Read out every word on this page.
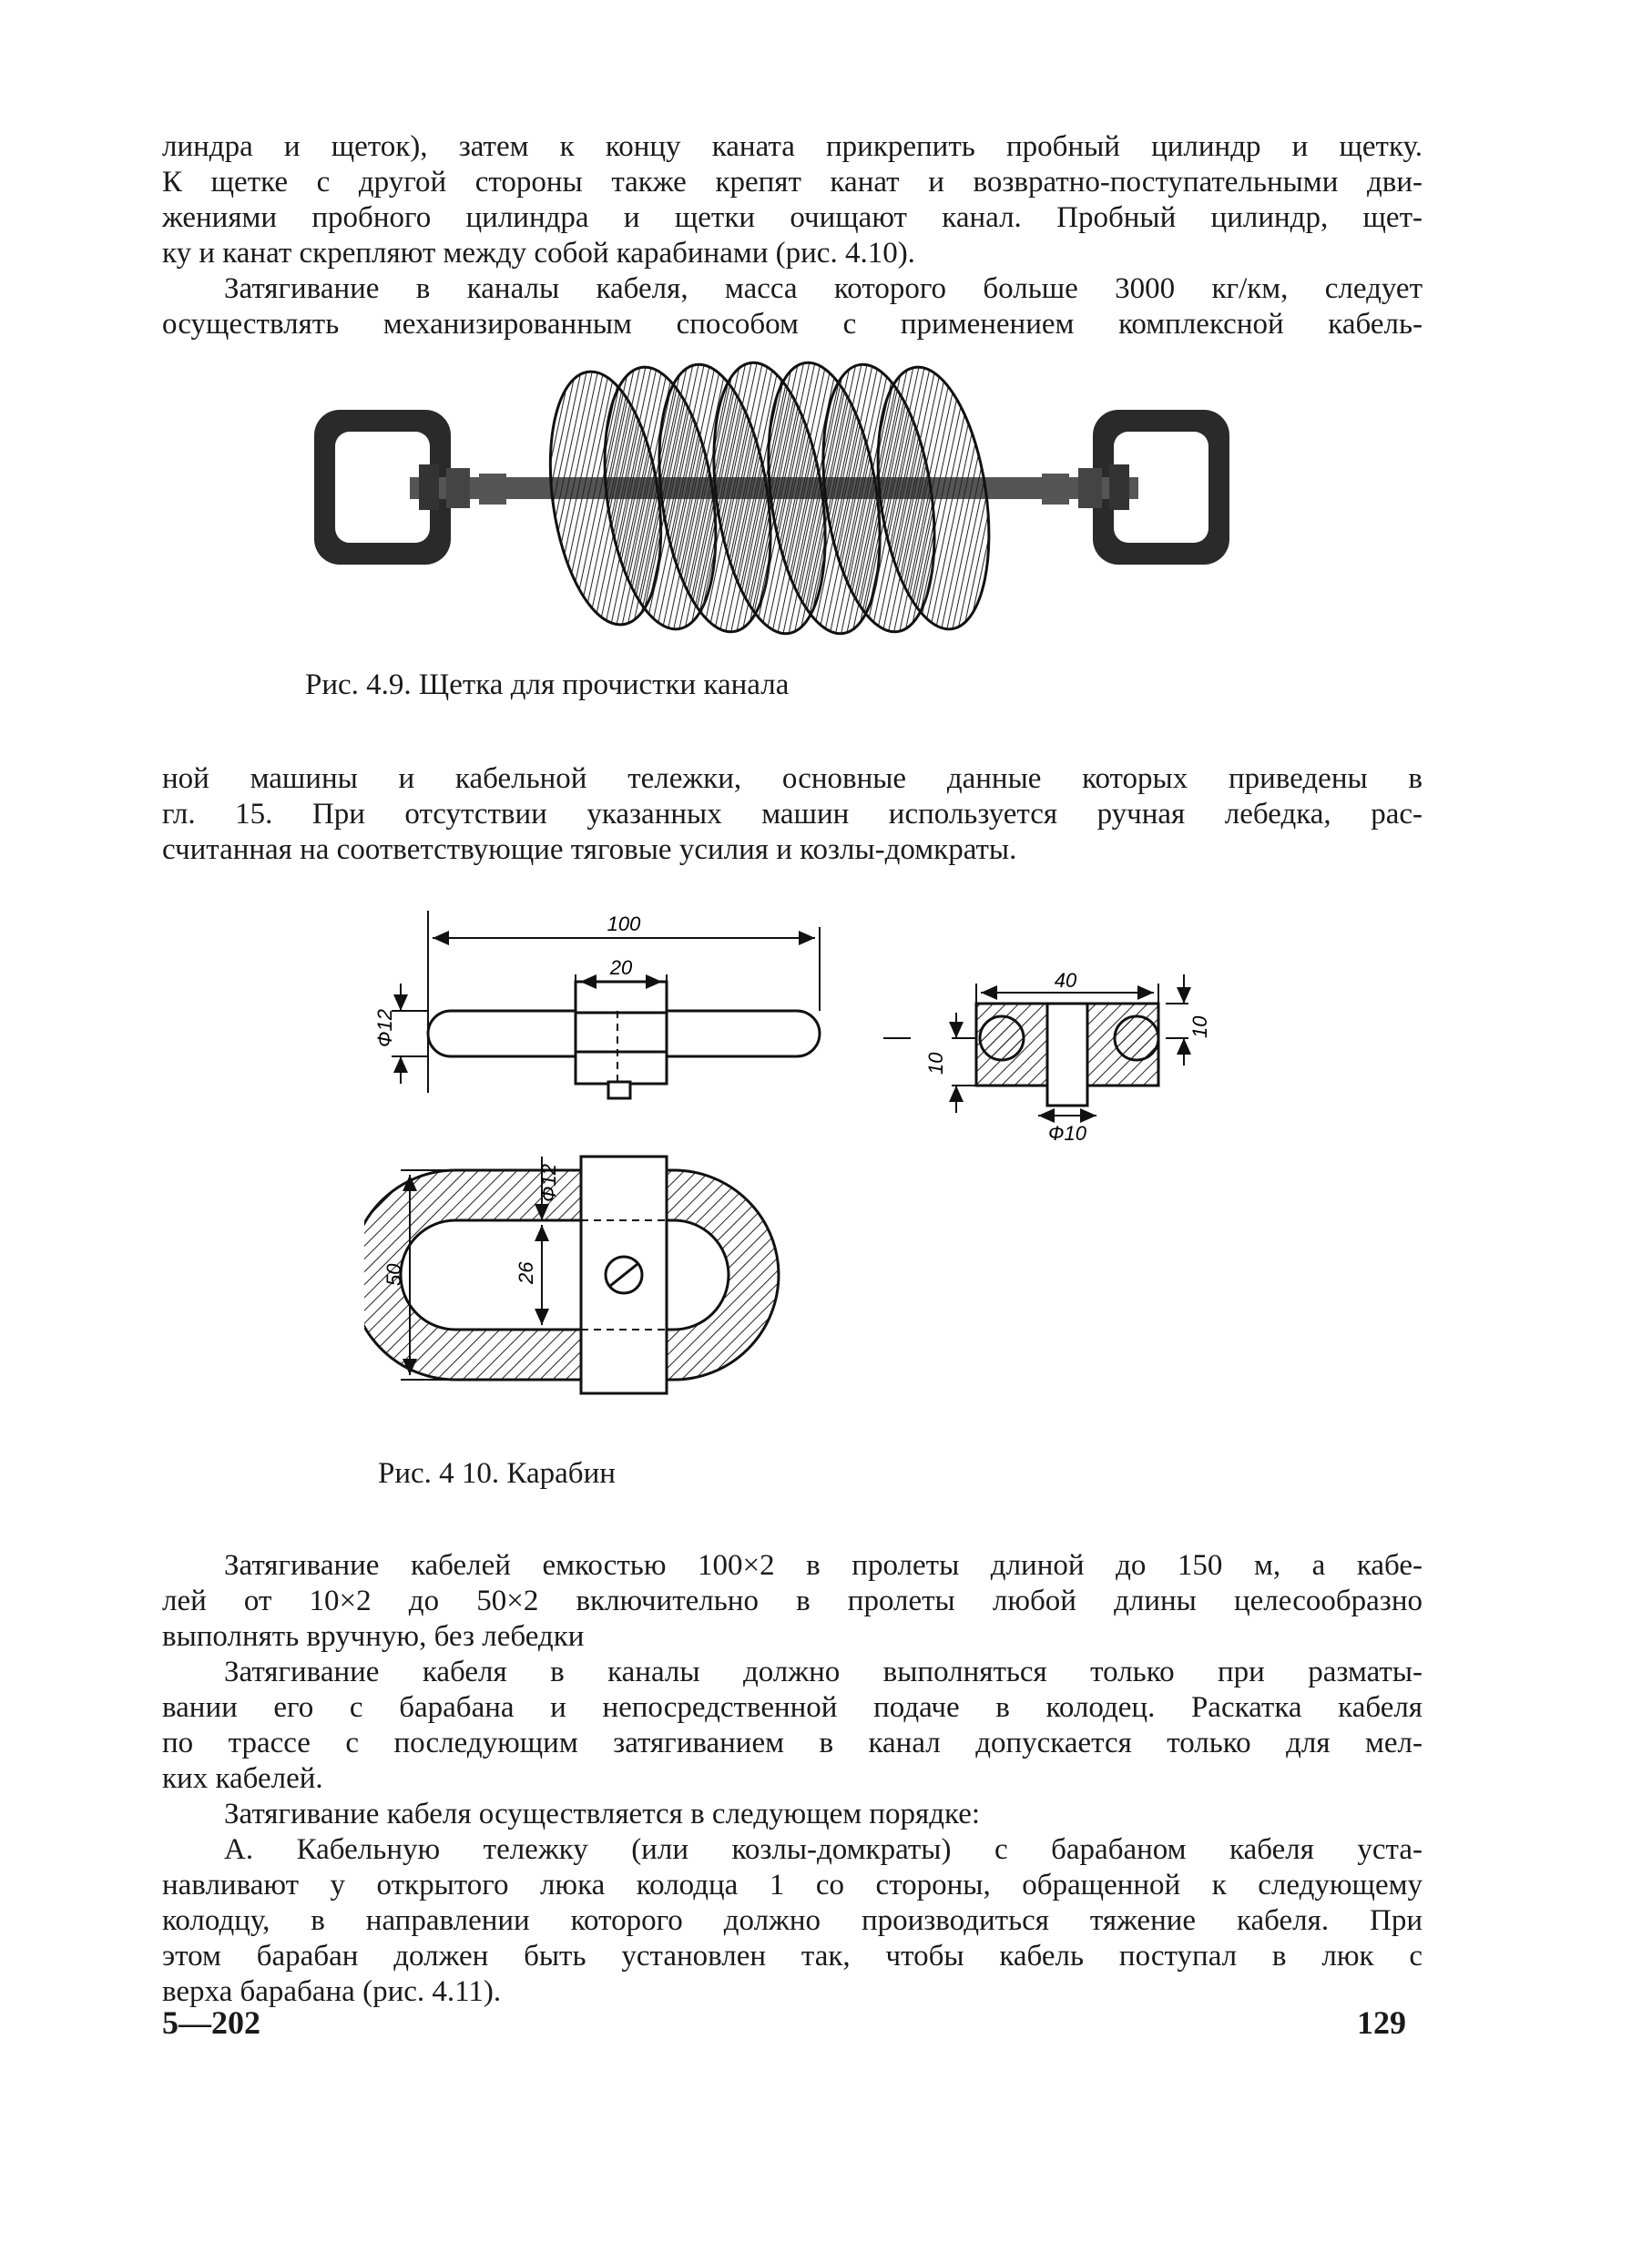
линдра и щеток), затем к концу каната прикрепить пробный цилиндр и щетку.
К щетке с другой стороны также крепят канат и возвратно-поступательными дви-
жениями пробного цилиндра и щетки очищают канал. Пробный цилиндр, щет-
ку и канат скрепляют между собой карабинами (рис. 4.10).
Затягивание в каналы кабеля, масса которого больше 3000 кг/км, следует
осуществлять механизированным способом с применением комплексной кабель-

Рис. 4.9. Щетка для прочистки канала

ной машины и кабельной тележки, основные данные которых приведены в
гл. 15. При отсутствии указанных машин используется ручная лебедка, рас-
считанная на соответствующие тяговые усилия и козлы-домкраты.
100
20
Ф12
40
10
10
Ф10
Ф12
26
50

Рис. 4 10. Карабин

Затягивание кабелей емкостью 100×2 в пролеты длиной до 150 м, а кабе-
лей от 10×2 до 50×2 включительно в пролеты любой длины целесообразно
выполнять вручную, без лебедки
Затягивание кабеля в каналы должно выполняться только при разматы-
вании его с барабана и непосредственной подаче в колодец. Раскатка кабеля
по трассе с последующим затягиванием в канал допускается только для мел-
ких кабелей.
Затягивание кабеля осуществляется в следующем порядке:
А. Кабельную тележку (или козлы-домкраты) с барабаном кабеля уста-
навливают у открытого люка колодца 1 со стороны, обращенной к следующему
колодцу, в направлении которого должно производиться тяжение кабеля. При
этом барабан должен быть установлен так, чтобы кабель поступал в люк с
верха барабана (рис. 4.11).
5—202	129
